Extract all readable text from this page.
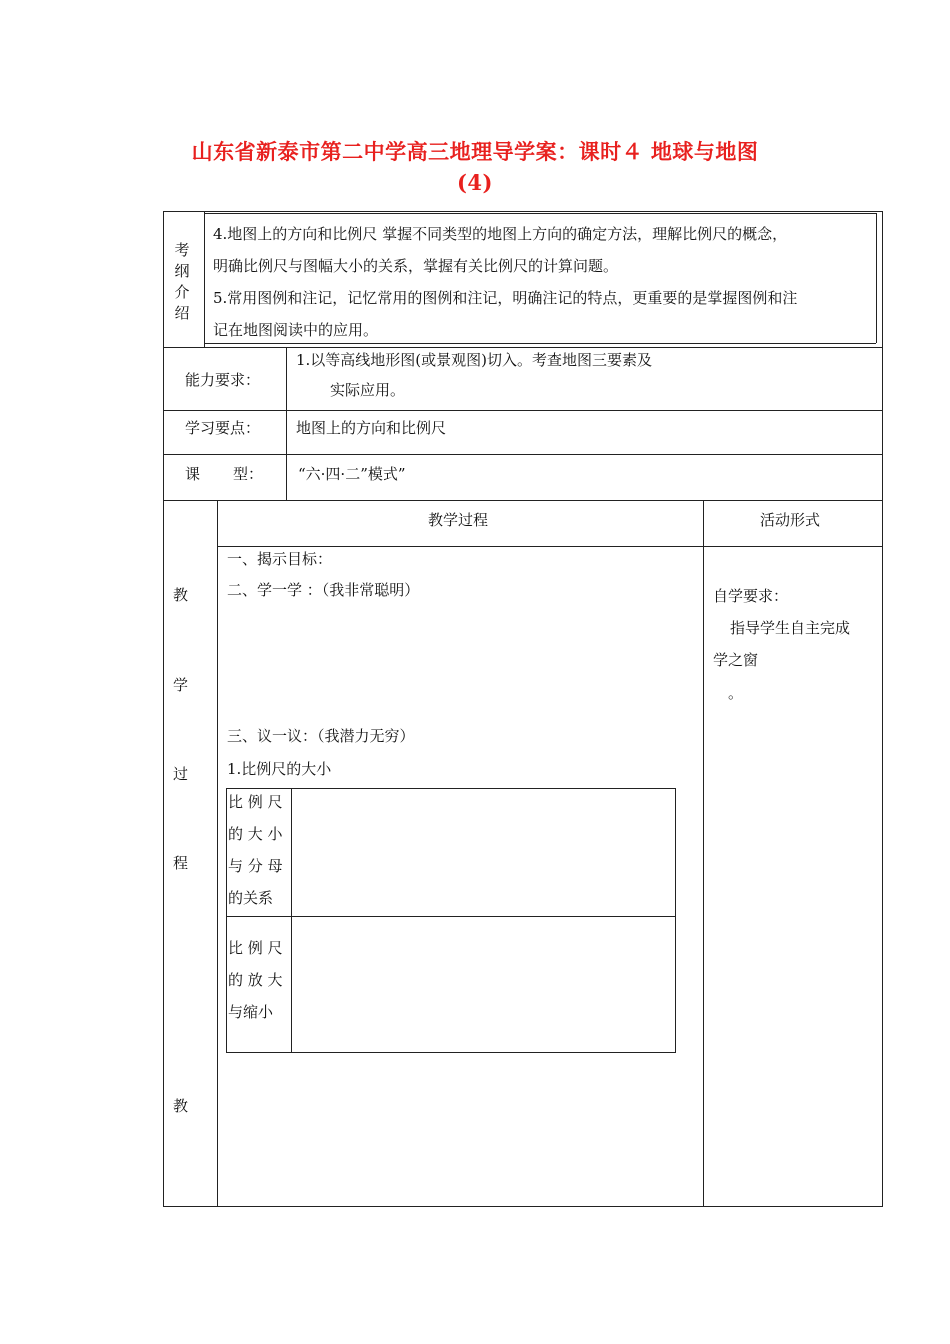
山东省新泰市第二中学高三地理导学案：课时４ 地球与地图
(4)
考纲介绍
4.地图上的方向和比例尺 掌握不同类型的地图上方向的确定方法，理解比例尺的概念，
明确比例尺与图幅大小的关系，掌握有关比例尺的计算问题。
5.常用图例和注记，记忆常用的图例和注记，明确注记的特点，更重要的是掌握图例和注
记在地图阅读中的应用。
能力要求：
1.以等高线地形图(或景观图)切入。考查地图三要素及
实际应用。
学习要点： 地图上的方向和比例尺
课 型： “六·四·二”模式”
教
学
过
程
教
教学过程	活动形式
一、揭示目标：
二、学一学 ：（我非常聪明）
三、议一议：（我潜力无穷）
1.比例尺的大小
比 例 尺
的 大 小
与 分 母
的关系
比 例 尺
的 放 大
与缩小
自学要求：
指导学生自主完成
学之窗
。
